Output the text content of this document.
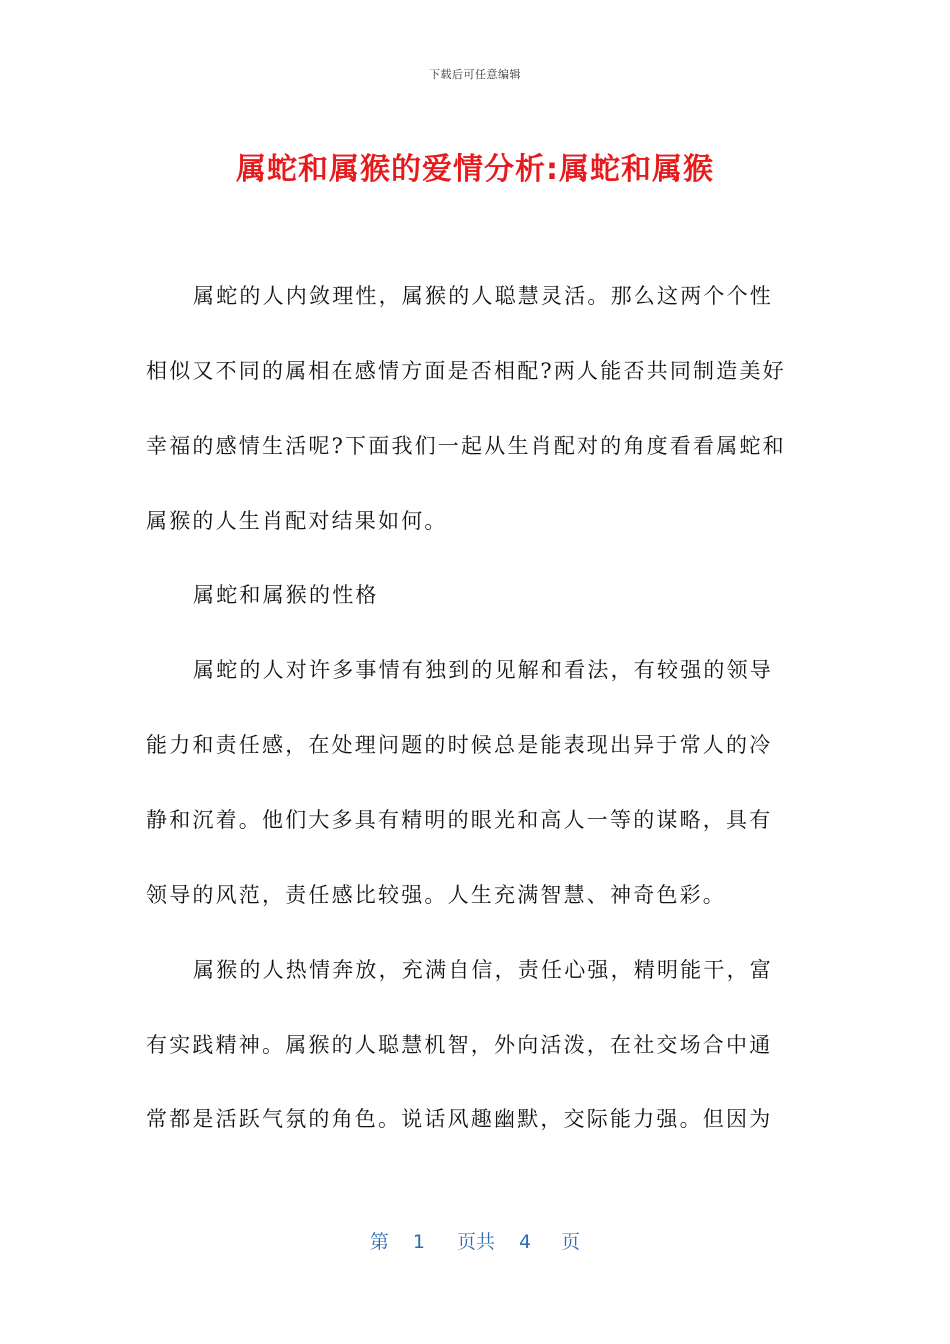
下载后可任意编辑
属蛇和属猴的爱情分析:属蛇和属猴
属蛇的人内敛理性，属猴的人聪慧灵活。那么这两个个性
相似又不同的属相在感情方面是否相配?两人能否共同制造美好
幸福的感情生活呢?下面我们一起从生肖配对的角度看看属蛇和
属猴的人生肖配对结果如何。
属蛇和属猴的性格
属蛇的人对许多事情有独到的见解和看法，有较强的领导
能力和责任感，在处理问题的时候总是能表现出异于常人的冷
静和沉着。他们大多具有精明的眼光和高人一等的谋略，具有
领导的风范，责任感比较强。人生充满智慧、神奇色彩。
属猴的人热情奔放，充满自信，责任心强，精明能干，富
有实践精神。属猴的人聪慧机智，外向活泼，在社交场合中通
常都是活跃气氛的角色。说话风趣幽默，交际能力强。但因为
第 1 页共 4 页
